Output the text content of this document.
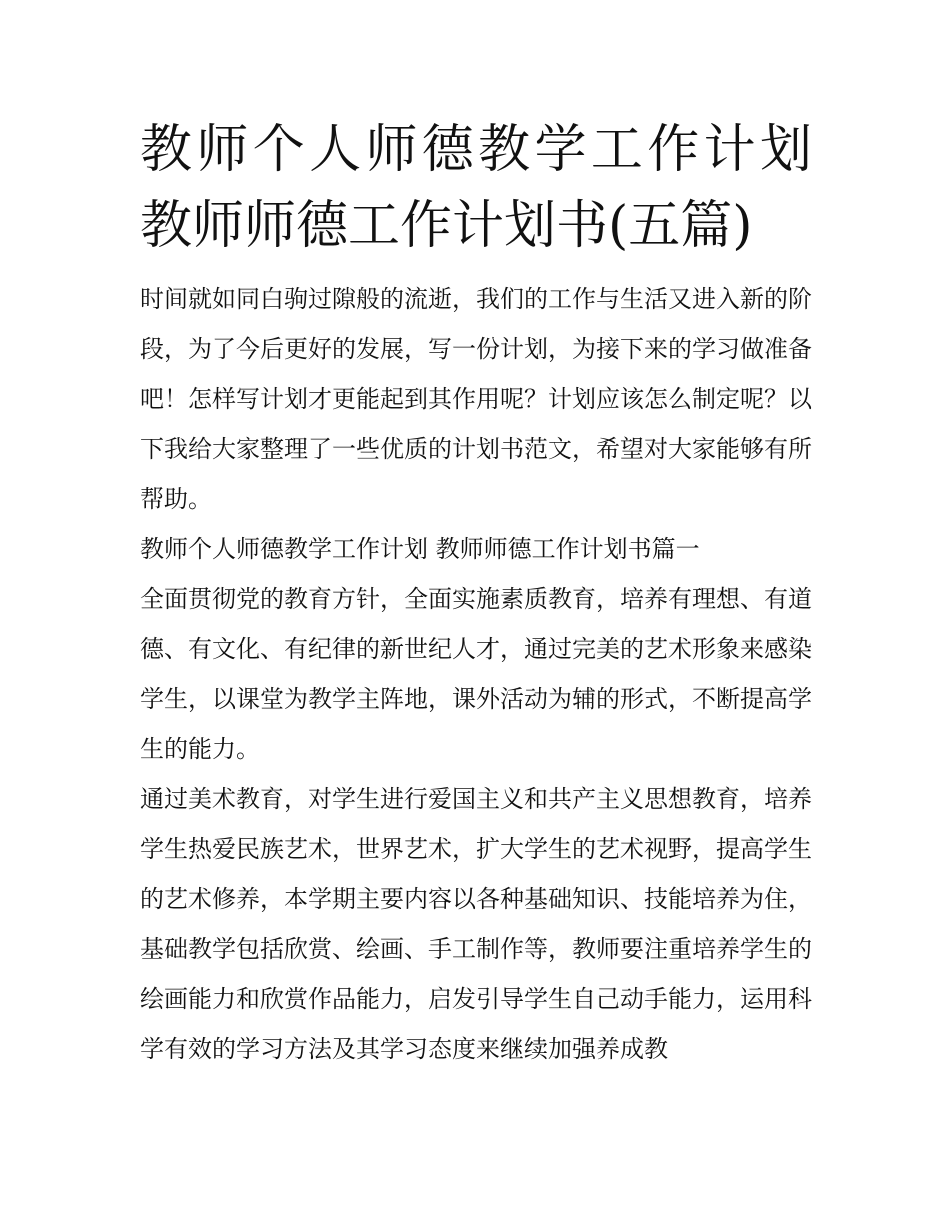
教师个人师德教学工作计划 教师师德工作计划书(五篇)

时间就如同白驹过隙般的流逝，我们的工作与生活又进入新的阶段，为了今后更好的发展，写一份计划，为接下来的学习做准备吧！怎样写计划才更能起到其作用呢？计划应该怎么制定呢？以下我给大家整理了一些优质的计划书范文，希望对大家能够有所帮助。

教师个人师德教学工作计划 教师师德工作计划书篇一

全面贯彻党的教育方针，全面实施素质教育，培养有理想、有道德、有文化、有纪律的新世纪人才，通过完美的艺术形象来感染学生，以课堂为教学主阵地，课外活动为辅的形式，不断提高学生的能力。

通过美术教育，对学生进行爱国主义和共产主义思想教育，培养学生热爱民族艺术，世界艺术，扩大学生的艺术视野，提高学生的艺术修养，本学期主要内容以各种基础知识、技能培养为住，基础教学包括欣赏、绘画、手工制作等，教师要注重培养学生的绘画能力和欣赏作品能力，启发引导学生自己动手能力，运用科学有效的学习方法及其学习态度来继续加强养成教
